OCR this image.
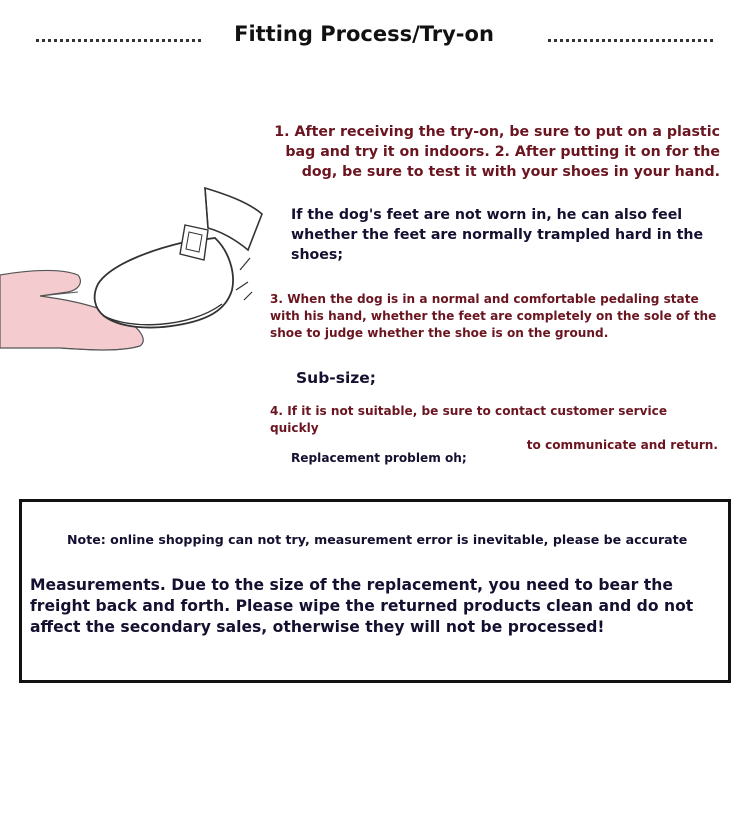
Fitting Process/Try-on
1. After receiving the try-on, be sure to put on a plastic bag and try it on indoors. 2. After putting it on for the dog, be sure to test it with your shoes in your hand.
If the dog's feet are not worn in, he can also feel whether the feet are normally trampled hard in the shoes;
3. When the dog is in a normal and comfortable pedaling state with his hand, whether the feet are completely on the sole of the shoe to judge whether the shoe is on the ground.
Sub-size;
4. If it is not suitable, be sure to contact customer service quickly
to communicate and return.
Replacement problem oh;
Note: online shopping can not try, measurement error is inevitable, please be accurate
Measurements. Due to the size of the replacement, you need to bear the freight back and forth. Please wipe the returned products clean and do not affect the secondary sales, otherwise they will not be processed!
